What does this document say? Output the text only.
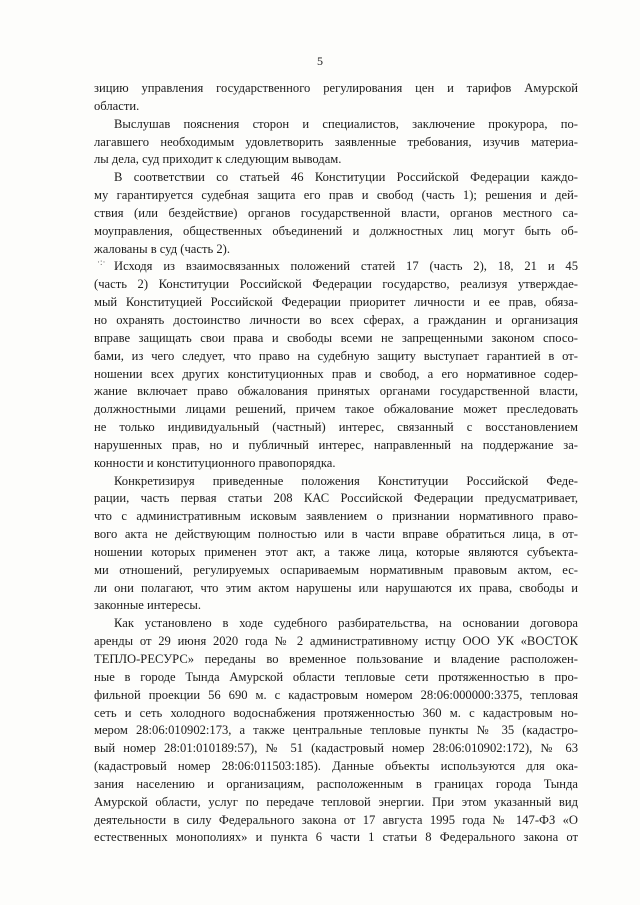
5
·:·
зицию управления государственного регулирования цен и тарифов Амурской
области.
Выслушав пояснения сторон и специалистов, заключение прокурора, по-
лагавшего необходимым удовлетворить заявленные требования, изучив материа-
лы дела, суд приходит к следующим выводам.
В соответствии со статьей 46 Конституции Российской Федерации каждо-
му гарантируется судебная защита его прав и свобод (часть 1); решения и дей-
ствия (или бездействие) органов государственной власти, органов местного са-
моуправления, общественных объединений и должностных лиц могут быть об-
жалованы в суд (часть 2).
Исходя из взаимосвязанных положений статей 17 (часть 2), 18, 21 и 45
(часть 2) Конституции Российской Федерации государство, реализуя утверждае-
мый Конституцией Российской Федерации приоритет личности и ее прав, обяза-
но охранять достоинство личности во всех сферах, а гражданин и организация
вправе защищать свои права и свободы всеми не запрещенными законом спосо-
бами, из чего следует, что право на судебную защиту выступает гарантией в от-
ношении всех других конституционных прав и свобод, а его нормативное содер-
жание включает право обжалования принятых органами государственной власти,
должностными лицами решений, причем такое обжалование может преследовать
не только индивидуальный (частный) интерес, связанный с восстановлением
нарушенных прав, но и публичный интерес, направленный на поддержание за-
конности и конституционного правопорядка.
Конкретизируя приведенные положения Конституции Российской Феде-
рации, часть первая статьи 208 КАС Российской Федерации предусматривает,
что с административным исковым заявлением о признании нормативного право-
вого акта не действующим полностью или в части вправе обратиться лица, в от-
ношении которых применен этот акт, а также лица, которые являются субъекта-
ми отношений, регулируемых оспариваемым нормативным правовым актом, ес-
ли они полагают, что этим актом нарушены или нарушаются их права, свободы и
законные интересы.
Как установлено в ходе судебного разбирательства, на основании договора
аренды от 29 июня 2020 года № 2 административному истцу ООО УК «ВОСТОК
ТЕПЛО-РЕСУРС» переданы во временное пользование и владение расположен-
ные в городе Тында Амурской области тепловые сети протяженностью в про-
фильной проекции 56 690 м. с кадастровым номером 28:06:000000:3375, тепловая
сеть и сеть холодного водоснабжения протяженностью 360 м. с кадастровым но-
мером 28:06:010902:173, а также центральные тепловые пункты № 35 (кадастро-
вый номер 28:01:010189:57), № 51 (кадастровый номер 28:06:010902:172), № 63
(кадастровый номер 28:06:011503:185). Данные объекты используются для ока-
зания населению и организациям, расположенным в границах города Тында
Амурской области, услуг по передаче тепловой энергии. При этом указанный вид
деятельности в силу Федерального закона от 17 августа 1995 года № 147-ФЗ «О
естественных монополиях» и пункта 6 части 1 статьи 8 Федерального закона от
